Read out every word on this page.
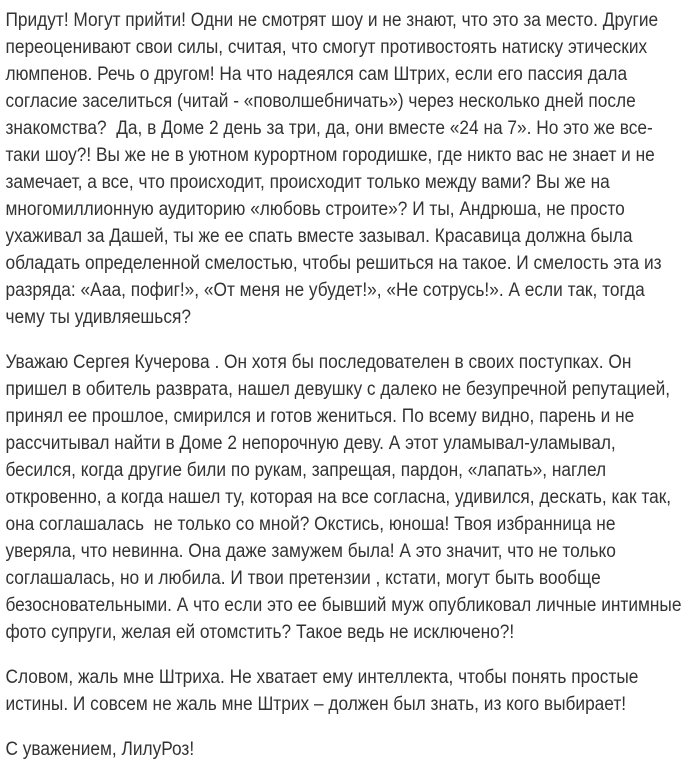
Придут! Могут прийти! Одни не смотрят шоу и не знают, что это за место. Другие переоценивают свои силы, считая, что смогут противостоять натиску этических люмпенов. Речь о другом! На что надеялся сам Штрих, если его пассия дала согласие заселиться (читай - «поволшебничать») через несколько дней после знакомства?  Да, в Доме 2 день за три, да, они вместе «24 на 7». Но это же все-таки шоу?! Вы же не в уютном курортном городишке, где никто вас не знает и не замечает, а все, что происходит, происходит только между вами? Вы же на многомиллионную аудиторию «любовь строите»? И ты, Андрюша, не просто ухаживал за Дашей, ты же ее спать вместе зазывал. Красавица должна была обладать определенной смелостью, чтобы решиться на такое. И смелость эта из разряда: «Ааа, пофиг!», «От меня не убудет!», «Не сотрусь!». А если так, тогда чему ты удивляешься?

Уважаю Сергея Кучерова . Он хотя бы последователен в своих поступках. Он пришел в обитель разврата, нашел девушку с далеко не безупречной репутацией, принял ее прошлое, смирился и готов жениться. По всему видно, парень и не рассчитывал найти в Доме 2 непорочную деву. А этот уламывал-уламывал, бесился, когда другие били по рукам, запрещая, пардон, «лапать», наглел откровенно, а когда нашел ту, которая на все согласна, удивился, дескать, как так, она соглашалась  не только со мной? Окстись, юноша! Твоя избранница не уверяла, что невинна. Она даже замужем была! А это значит, что не только соглашалась, но и любила. И твои претензии , кстати, могут быть вообще безосновательными. А что если это ее бывший муж опубликовал личные интимные фото супруги, желая ей отомстить? Такое ведь не исключено?!

Словом, жаль мне Штриха. Не хватает ему интеллекта, чтобы понять простые истины. И совсем не жаль мне Штрих – должен был знать, из кого выбирает!

С уважением, ЛилуРоз!
